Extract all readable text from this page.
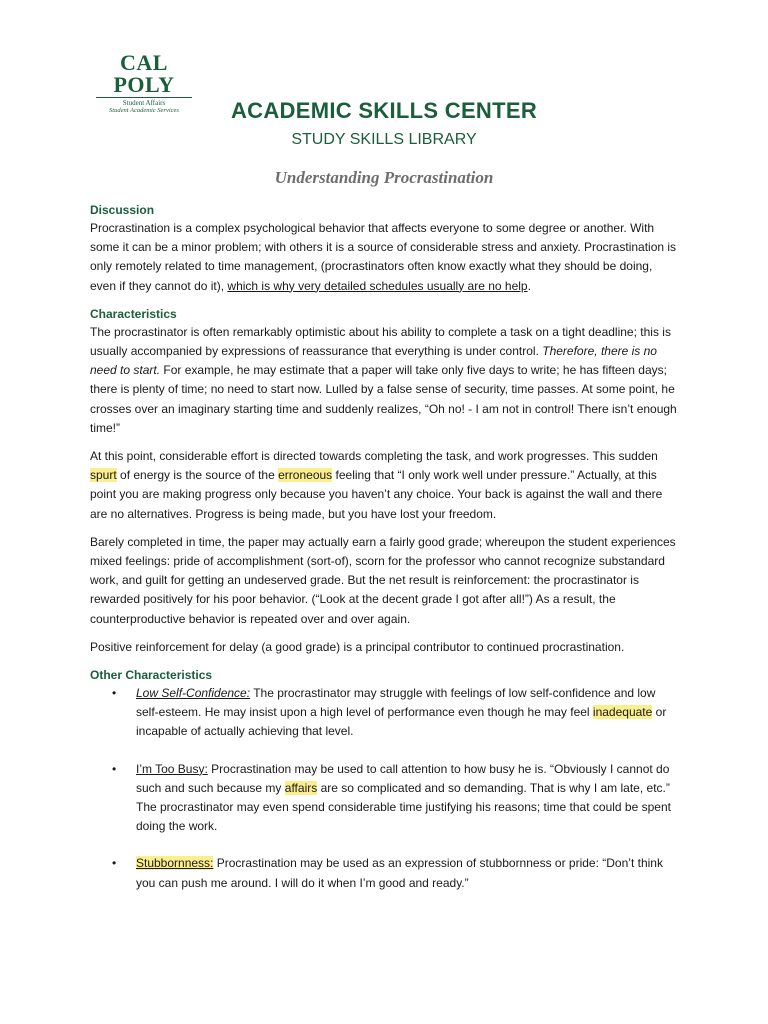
CAL POLY
Student Affairs
Student Academic Services	ACADEMIC SKILLS CENTER
STUDY SKILLS LIBRARY
Understanding Procrastination
Discussion

Procrastination is a complex psychological behavior that affects everyone to some degree or another. With some it can be a minor problem; with others it is a source of considerable stress and anxiety. Procrastination is only remotely related to time management, (procrastinators often know exactly what they should be doing, even if they cannot do it), which is why very detailed schedules usually are no help.

Characteristics

The procrastinator is often remarkably optimistic about his ability to complete a task on a tight deadline; this is usually accompanied by expressions of reassurance that everything is under control. Therefore, there is no need to start. For example, he may estimate that a paper will take only five days to write; he has fifteen days; there is plenty of time; no need to start now. Lulled by a false sense of security, time passes. At some point, he crosses over an imaginary starting time and suddenly realizes, “Oh no! - I am not in control! There isn’t enough time!”

At this point, considerable effort is directed towards completing the task, and work progresses. This sudden spurt of energy is the source of the erroneous feeling that “I only work well under pressure.” Actually, at this point you are making progress only because you haven’t any choice. Your back is against the wall and there are no alternatives. Progress is being made, but you have lost your freedom.

Barely completed in time, the paper may actually earn a fairly good grade; whereupon the student experiences mixed feelings: pride of accomplishment (sort-of), scorn for the professor who cannot recognize substandard work, and guilt for getting an undeserved grade. But the net result is reinforcement: the procrastinator is rewarded positively for his poor behavior. (“Look at the decent grade I got after all!”) As a result, the counterproductive behavior is repeated over and over again.

Positive reinforcement for delay (a good grade) is a principal contributor to continued procrastination.

Other Characteristics
• Low Self-Confidence: The procrastinator may struggle with feelings of low self-confidence and low self-esteem. He may insist upon a high level of performance even though he may feel inadequate or incapable of actually achieving that level.
• I’m Too Busy: Procrastination may be used to call attention to how busy he is. “Obviously I cannot do such and such because my affairs are so complicated and so demanding. That is why I am late, etc.” The procrastinator may even spend considerable time justifying his reasons; time that could be spent doing the work.
• Stubbornness: Procrastination may be used as an expression of stubbornness or pride: “Don’t think you can push me around. I will do it when I’m good and ready.”
